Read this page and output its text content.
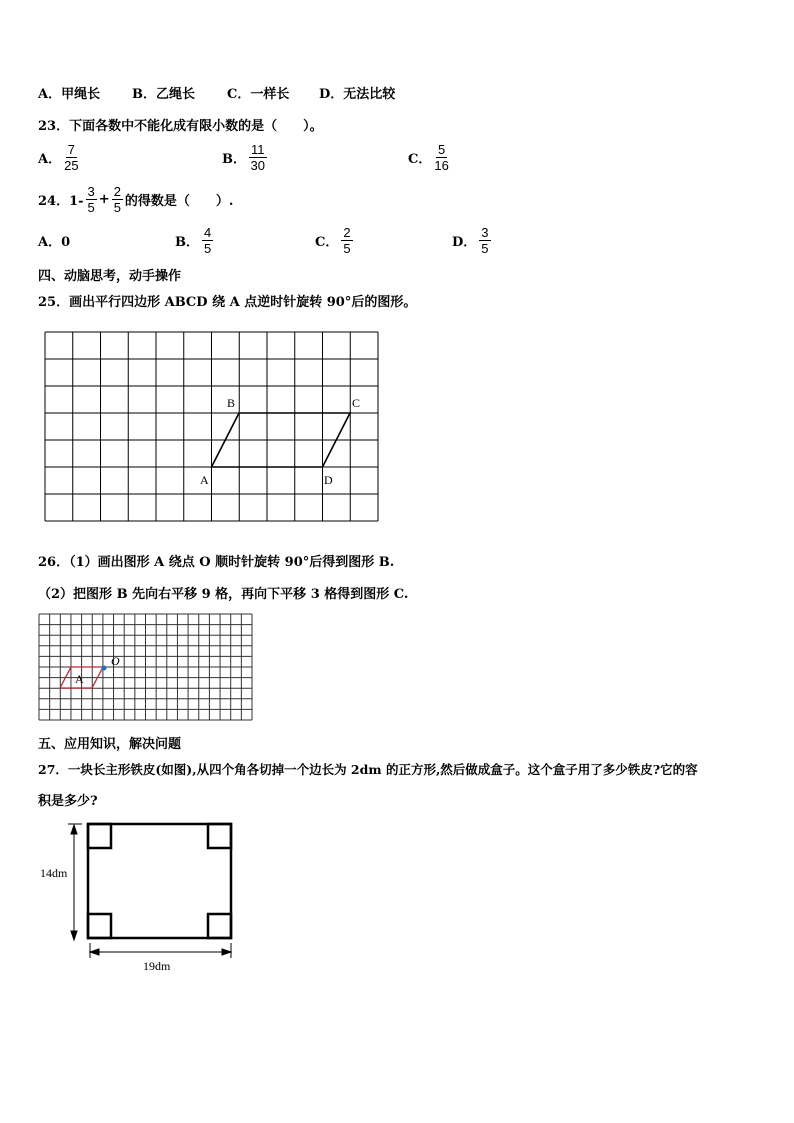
A．甲绳长 B．乙绳长 C．一样长 D．无法比较
23．下面各数中不能化成有限小数的是（　　）。
A． $\frac{7}{25}$	B． $\frac{11}{30}$	C． $\frac{5}{16}$
24．$1- \frac{3}{5} + \frac{2}{5}$ 的得数是（　　）.
A．0	B． $\frac{4}{5}$	C． $\frac{2}{5}$	D． $\frac{3}{5}$
四、动脑思考，动手操作
25．画出平行四边形 ABCD 绕 A 点逆时针旋转 90°后的图形。
B	C
A	D
A
O
14dm
19dm
26．（1）画出图形 A 绕点 O 顺时针旋转 90°后得到图形 B.
（2）把图形 B 先向右平移 9 格，再向下平移 3 格得到图形 C.
五、应用知识，解决问题
27．一块长主形铁皮(如图),从四个角各切掉一个边长为 2dm 的正方形,然后做成盒子。这个盒子用了多少铁皮?它的容
积是多少?
